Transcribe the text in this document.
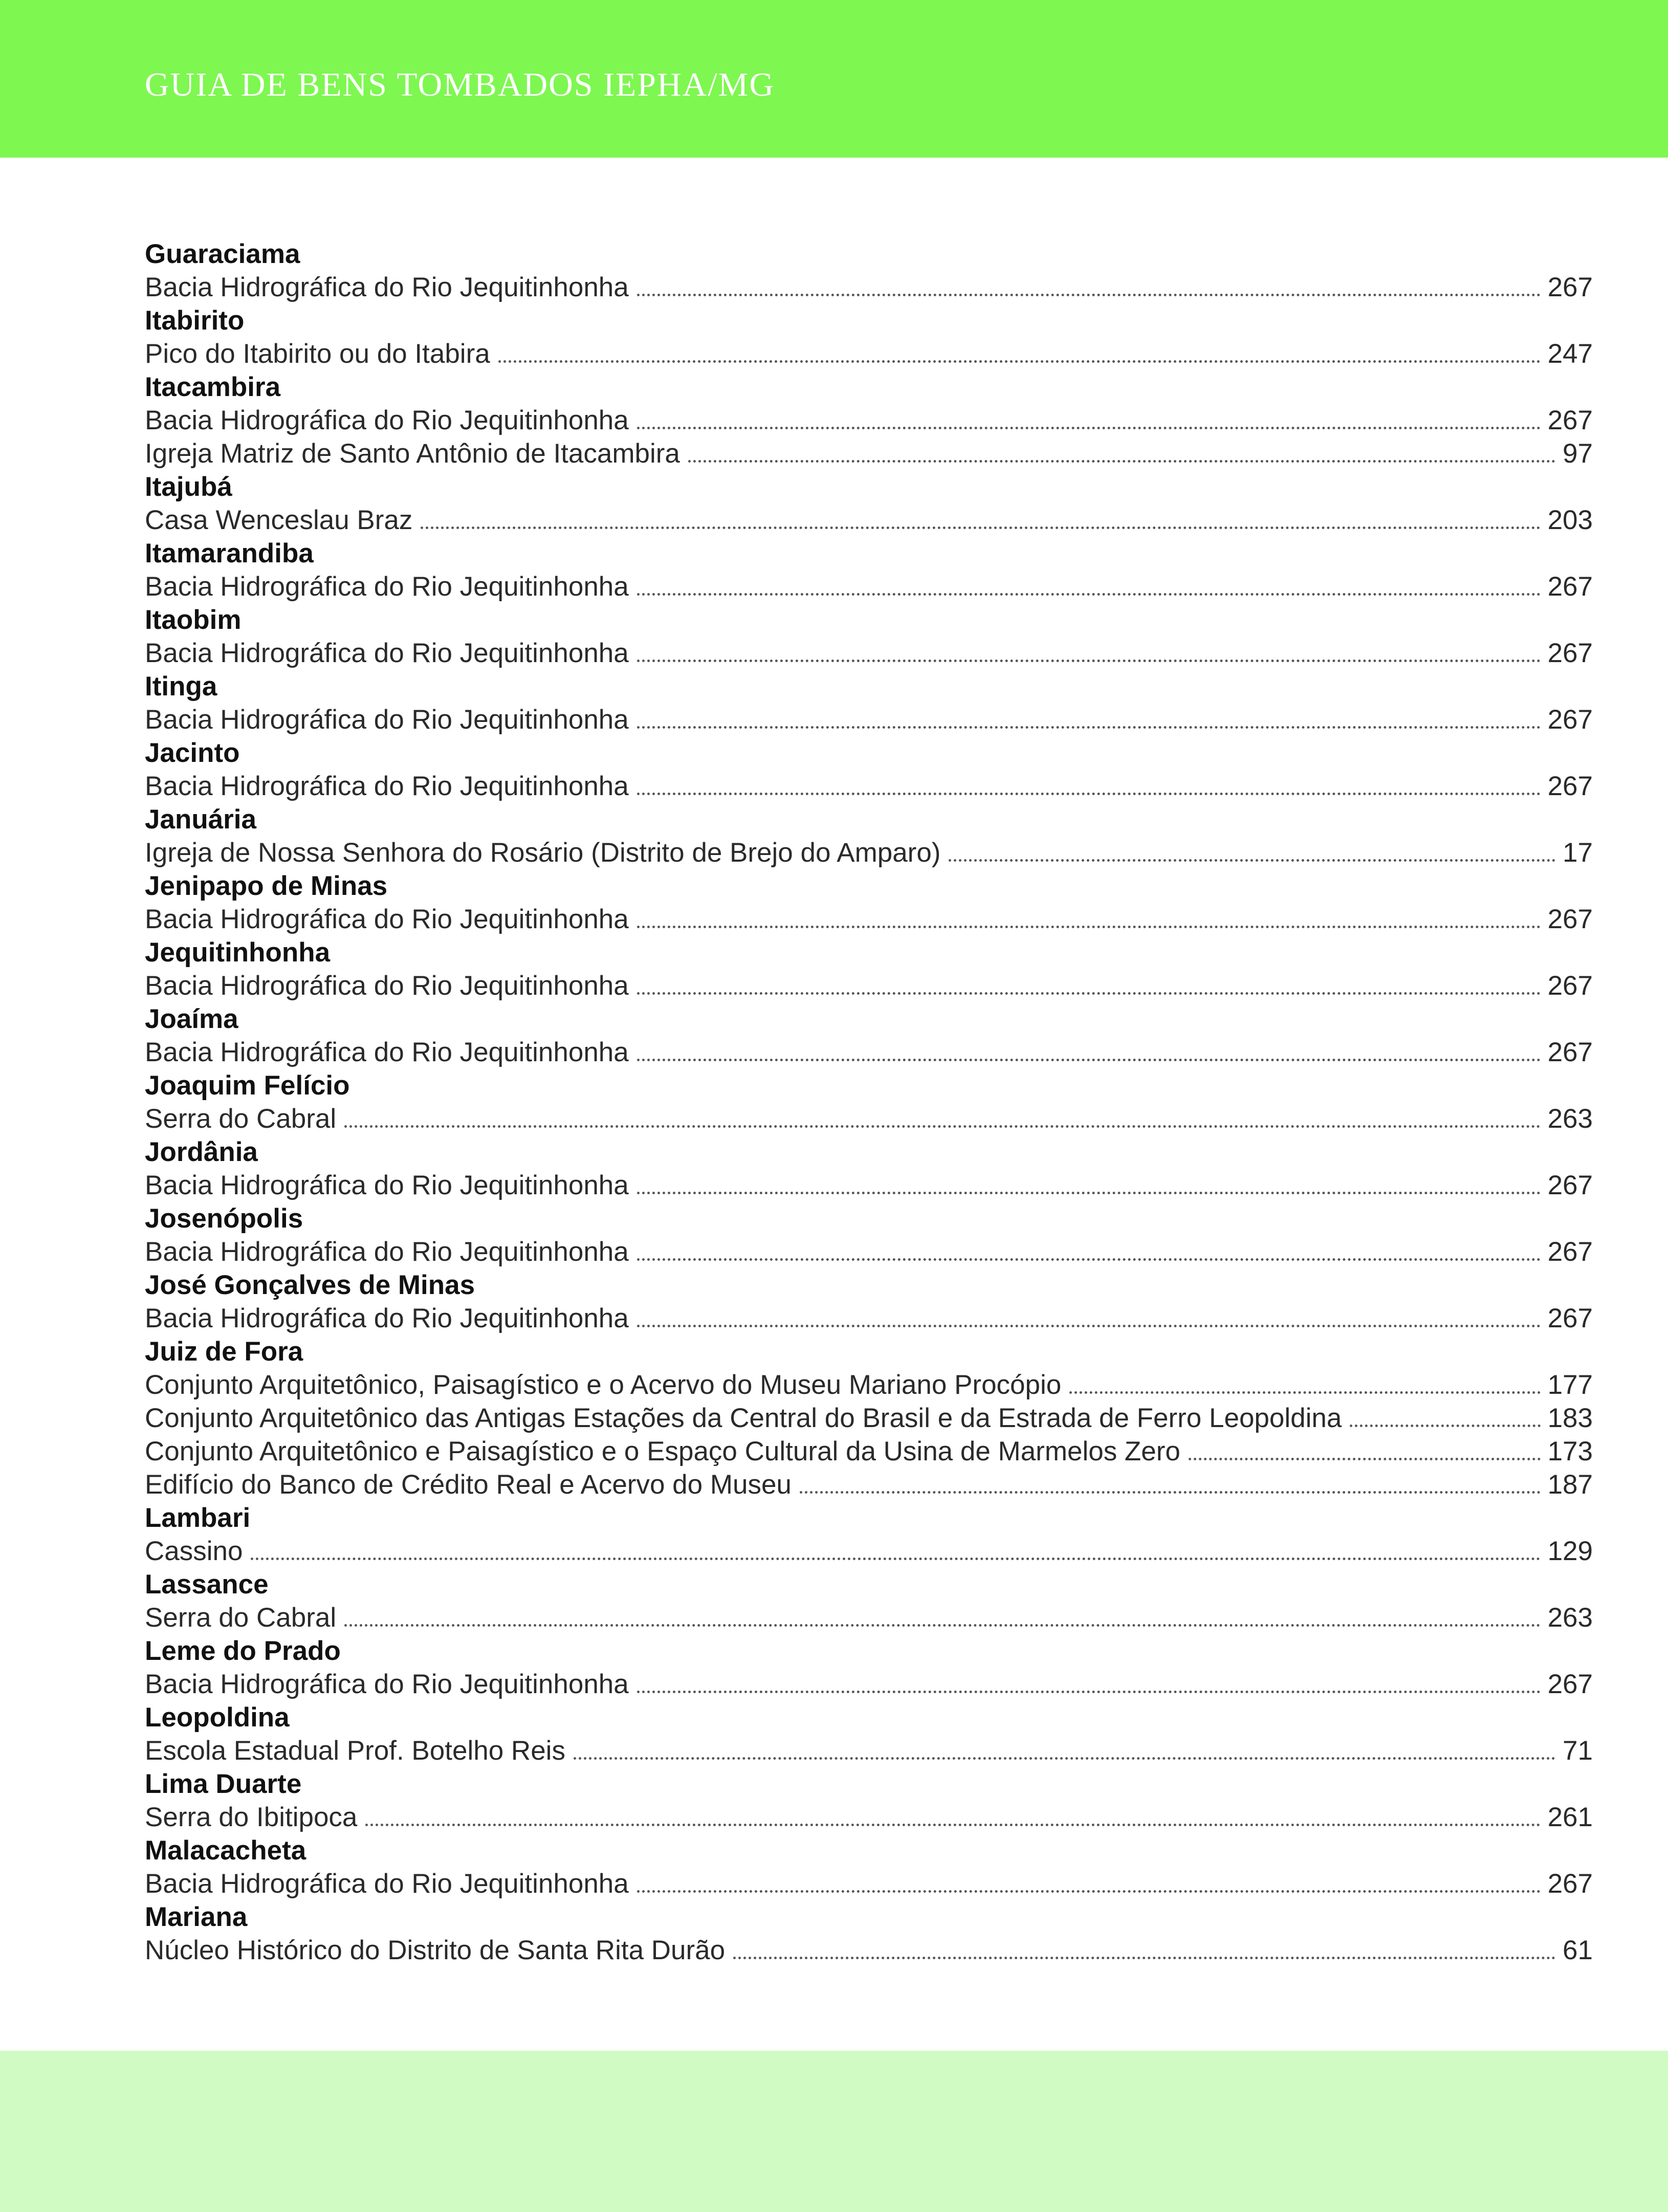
GUIA DE BENS TOMBADOS IEPHA/MG
Guaraciama
Bacia Hidrográfica do Rio Jequitinhonha	267
Itabirito
Pico do Itabirito ou do Itabira	247
Itacambira
Bacia Hidrográfica do Rio Jequitinhonha	267
Igreja Matriz de Santo Antônio de Itacambira	97
Itajubá
Casa Wenceslau Braz	203
Itamarandiba
Bacia Hidrográfica do Rio Jequitinhonha	267
Itaobim
Bacia Hidrográfica do Rio Jequitinhonha	267
Itinga
Bacia Hidrográfica do Rio Jequitinhonha	267
Jacinto
Bacia Hidrográfica do Rio Jequitinhonha	267
Januária
Igreja de Nossa Senhora do Rosário (Distrito de Brejo do Amparo)	17
Jenipapo de Minas
Bacia Hidrográfica do Rio Jequitinhonha	267
Jequitinhonha
Bacia Hidrográfica do Rio Jequitinhonha	267
Joaíma
Bacia Hidrográfica do Rio Jequitinhonha	267
Joaquim Felício
Serra do Cabral	263
Jordânia
Bacia Hidrográfica do Rio Jequitinhonha	267
Josenópolis
Bacia Hidrográfica do Rio Jequitinhonha	267
José Gonçalves de Minas
Bacia Hidrográfica do Rio Jequitinhonha	267
Juiz de Fora
Conjunto Arquitetônico, Paisagístico e o Acervo do Museu Mariano Procópio	177
Conjunto Arquitetônico das Antigas Estações da Central do Brasil e da Estrada de Ferro Leopoldina	183
Conjunto Arquitetônico e Paisagístico e o Espaço Cultural da Usina de Marmelos Zero	173
Edifício do Banco de Crédito Real e Acervo do Museu	187
Lambari
Cassino	129
Lassance
Serra do Cabral	263
Leme do Prado
Bacia Hidrográfica do Rio Jequitinhonha	267
Leopoldina
Escola Estadual Prof. Botelho Reis	71
Lima Duarte
Serra do Ibitipoca	261
Malacacheta
Bacia Hidrográfica do Rio Jequitinhonha	267
Mariana
Núcleo Histórico do Distrito de Santa Rita Durão	61
